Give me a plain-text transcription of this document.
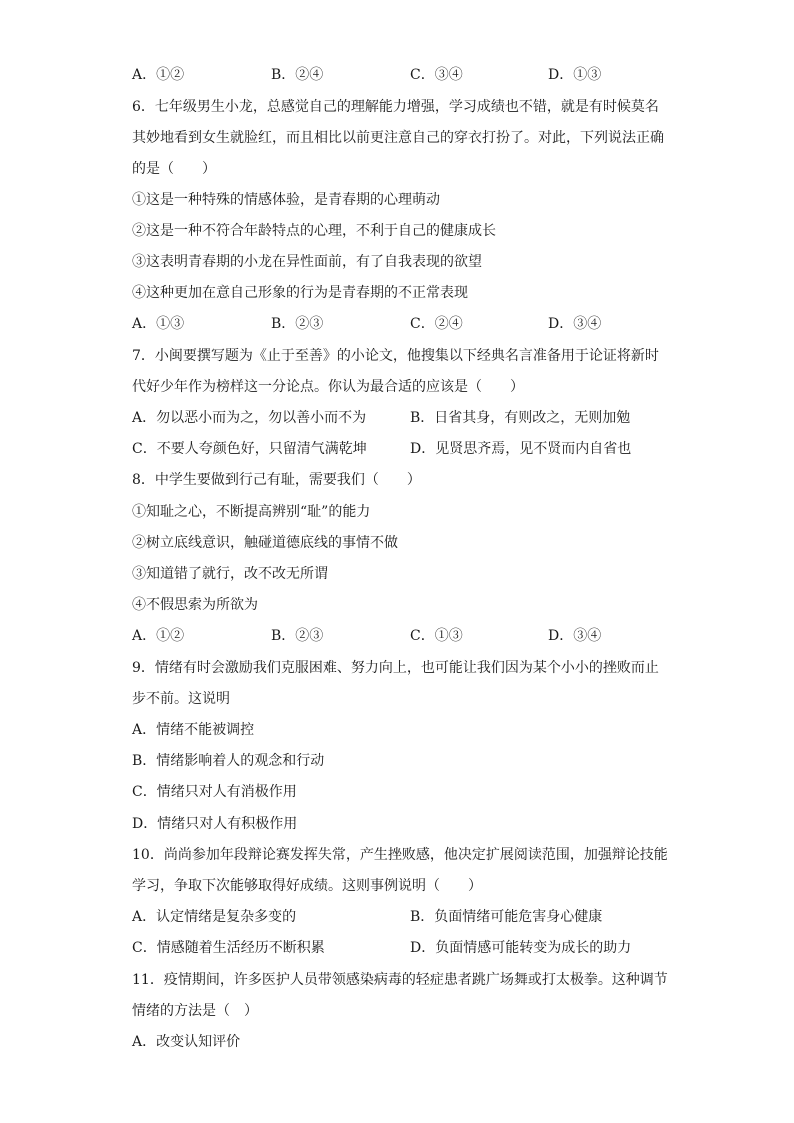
A．①②	B．②④	C．③④	D．①③
6．七年级男生小龙，总感觉自己的理解能力增强，学习成绩也不错，就是有时候莫名
其妙地看到女生就脸红，而且相比以前更注意自己的穿衣打扮了。对此，下列说法正确
的是（　　）
①这是一种特殊的情感体验，是青春期的心理萌动
②这是一种不符合年龄特点的心理，不利于自己的健康成长
③这表明青春期的小龙在异性面前，有了自我表现的欲望
④这种更加在意自己形象的行为是青春期的不正常表现
A．①③	B．②③	C．②④	D．③④
7．小闽要撰写题为《止于至善》的小论文，他搜集以下经典名言准备用于论证将新时
代好少年作为榜样这一分论点。你认为最合适的应该是（　　）
A．勿以恶小而为之，勿以善小而不为	B．日省其身，有则改之，无则加勉
C．不要人夸颜色好，只留清气满乾坤	D．见贤思齐焉，见不贤而内自省也
8．中学生要做到行己有耻，需要我们（　　）
①知耻之心，不断提高辨别“耻”的能力
②树立底线意识，触碰道德底线的事情不做
③知道错了就行，改不改无所谓
④不假思索为所欲为
A．①②	B．②③	C．①③	D．③④
9．情绪有时会激励我们克服困难、努力向上，也可能让我们因为某个小小的挫败而止
步不前。这说明
A．情绪不能被调控
B．情绪影响着人的观念和行动
C．情绪只对人有消极作用
D．情绪只对人有积极作用
10．尚尚参加年段辩论赛发挥失常，产生挫败感，他决定扩展阅读范围，加强辩论技能
学习，争取下次能够取得好成绩。这则事例说明（　　）
A．认定情绪是复杂多变的	B．负面情绪可能危害身心健康
C．情感随着生活经历不断积累	D．负面情感可能转变为成长的助力
11．疫情期间，许多医护人员带领感染病毒的轻症患者跳广场舞或打太极拳。这种调节
情绪的方法是（　）
A．改变认知评价
